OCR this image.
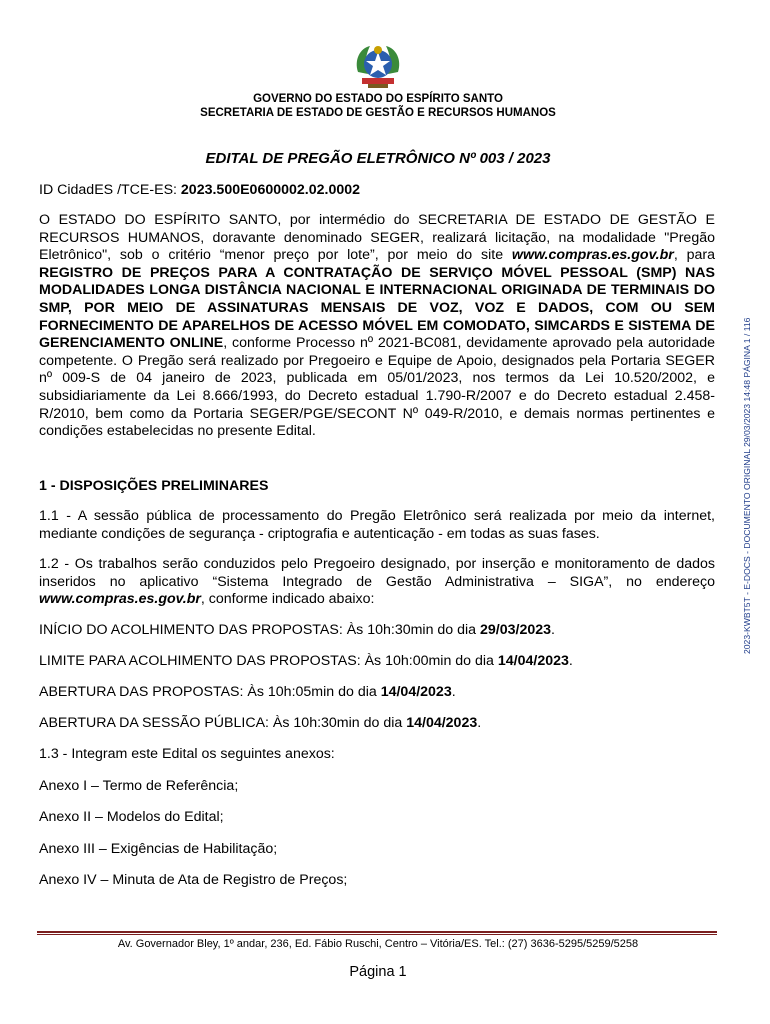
GOVERNO DO ESTADO DO ESPÍRITO SANTO
SECRETARIA DE ESTADO DE GESTÃO E RECURSOS HUMANOS
EDITAL DE PREGÃO ELETRÔNICO Nº 003 / 2023
ID CidadES /TCE-ES: 2023.500E0600002.02.0002
O ESTADO DO ESPÍRITO SANTO, por intermédio do SECRETARIA DE ESTADO DE GESTÃO E RECURSOS HUMANOS, doravante denominado SEGER, realizará licitação, na modalidade "Pregão Eletrônico", sob o critério “menor preço por lote”, por meio do site www.compras.es.gov.br, para REGISTRO DE PREÇOS PARA A CONTRATAÇÃO DE SERVIÇO MÓVEL PESSOAL (SMP) NAS MODALIDADES LONGA DISTÂNCIA NACIONAL E INTERNACIONAL ORIGINADA DE TERMINAIS DO SMP, POR MEIO DE ASSINATURAS MENSAIS DE VOZ, VOZ E DADOS, COM OU SEM FORNECIMENTO DE APARELHOS DE ACESSO MÓVEL EM COMODATO, SIMCARDS E SISTEMA DE GERENCIAMENTO ONLINE, conforme Processo nº 2021-BC081, devidamente aprovado pela autoridade competente. O Pregão será realizado por Pregoeiro e Equipe de Apoio, designados pela Portaria SEGER nº 009-S de 04 janeiro de 2023, publicada em 05/01/2023, nos termos da Lei 10.520/2002, e subsidiariamente da Lei 8.666/1993, do Decreto estadual 1.790-R/2007 e do Decreto estadual 2.458-R/2010, bem como da Portaria SEGER/PGE/SECONT Nº 049-R/2010, e demais normas pertinentes e condições estabelecidas no presente Edital.
1 - DISPOSIÇÕES PRELIMINARES
1.1 - A sessão pública de processamento do Pregão Eletrônico será realizada por meio da internet, mediante condições de segurança - criptografia e autenticação - em todas as suas fases.
1.2 - Os trabalhos serão conduzidos pelo Pregoeiro designado, por inserção e monitoramento de dados inseridos no aplicativo “Sistema Integrado de Gestão Administrativa – SIGA”, no endereço www.compras.es.gov.br, conforme indicado abaixo:
INÍCIO DO ACOLHIMENTO DAS PROPOSTAS: Às 10h:30min do dia 29/03/2023.
LIMITE PARA ACOLHIMENTO DAS PROPOSTAS: Às 10h:00min do dia 14/04/2023.
ABERTURA DAS PROPOSTAS: Às 10h:05min do dia 14/04/2023.
ABERTURA DA SESSÃO PÚBLICA: Às 10h:30min do dia 14/04/2023.
1.3 - Integram este Edital os seguintes anexos:
Anexo I – Termo de Referência;
Anexo II – Modelos do Edital;
Anexo III – Exigências de Habilitação;
Anexo IV – Minuta de Ata de Registro de Preços;
2023-KWBT5T - E-DOCS - DOCUMENTO ORIGINAL 29/03/2023 14:48 PÁGINA 1 / 116
Av. Governador Bley, 1º andar, 236, Ed. Fábio Ruschi, Centro – Vitória/ES. Tel.: (27) 3636-5295/5259/5258
Página 1
